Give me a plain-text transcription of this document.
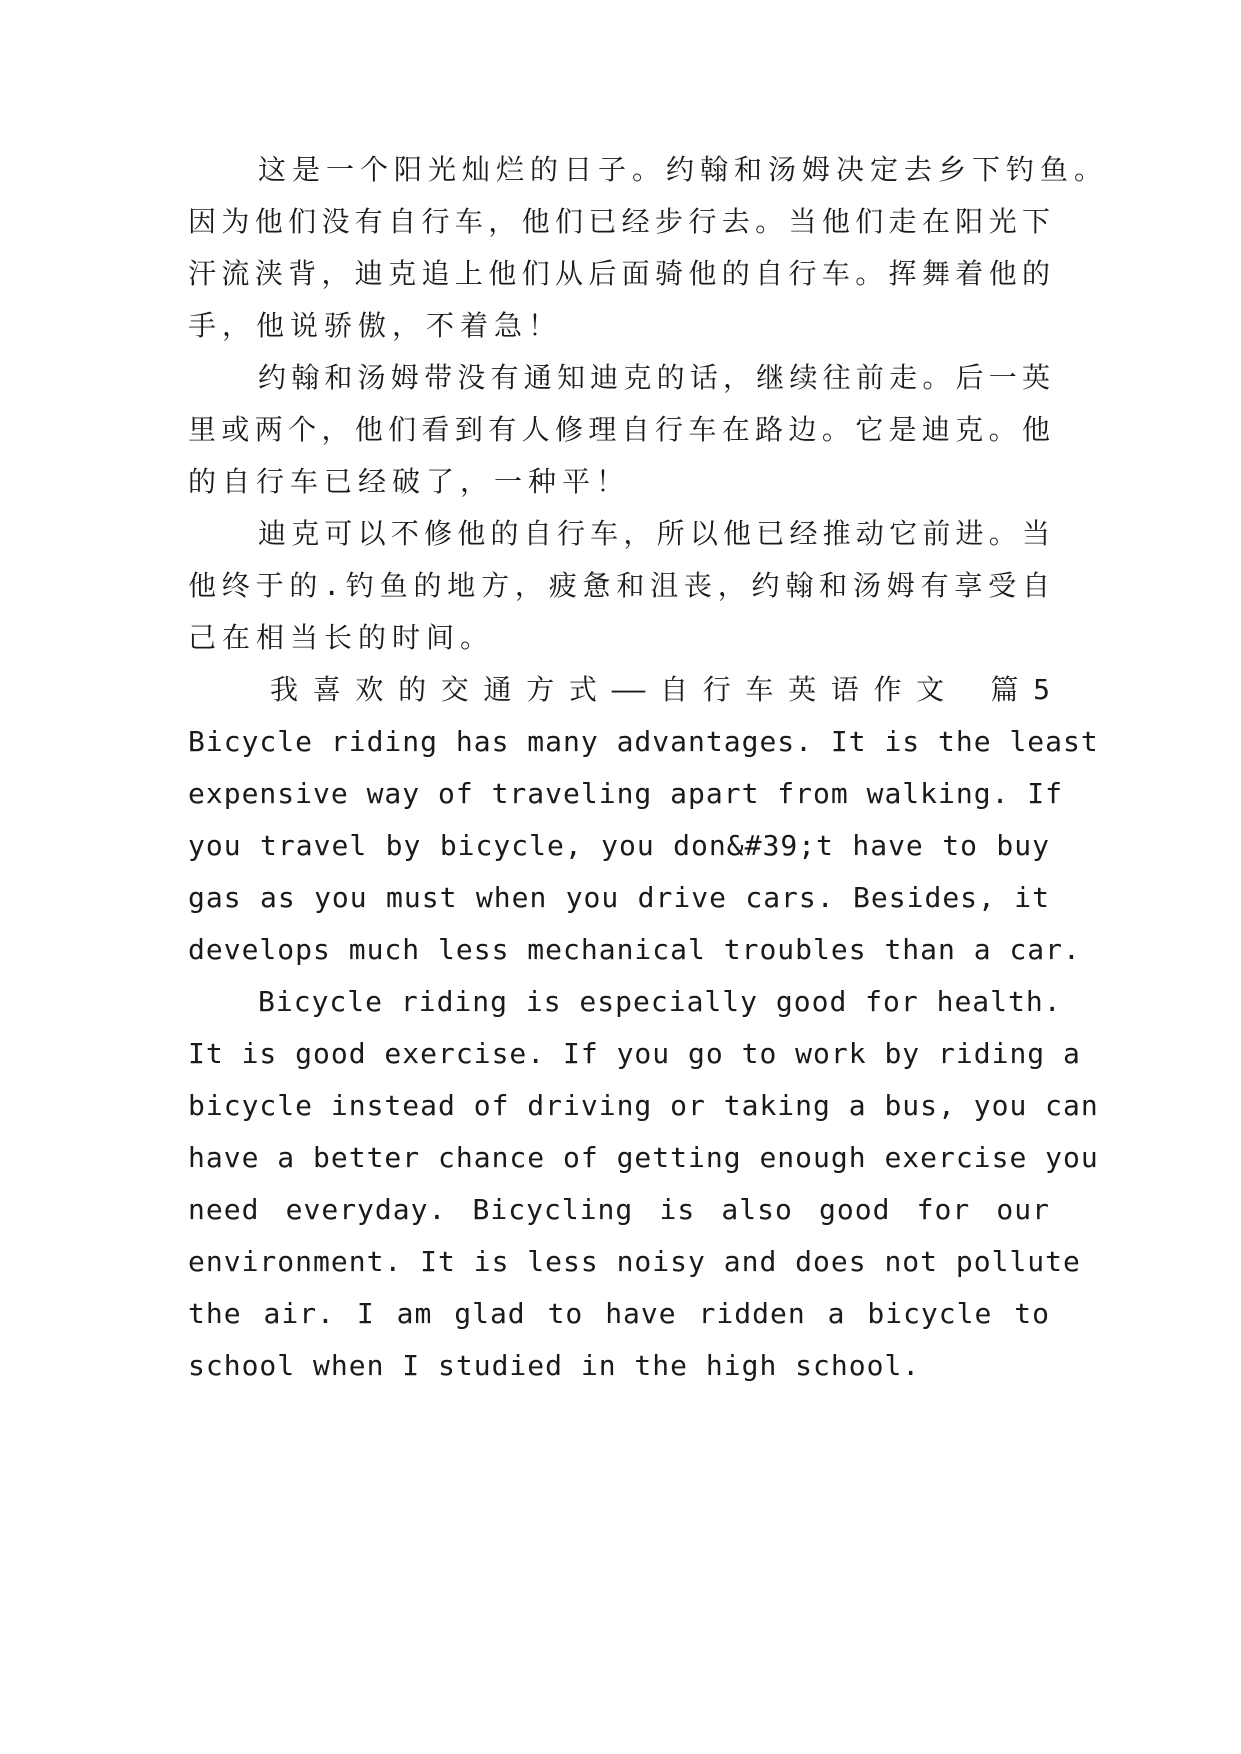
这是一个阳光灿烂的日子。约翰和汤姆决定去乡下钓鱼。
因为他们没有自行车，他们已经步行去。当他们走在阳光下
汗流浃背，迪克追上他们从后面骑他的自行车。挥舞着他的
手，他说骄傲，不着急！
约翰和汤姆带没有通知迪克的话，继续往前走。后一英
里或两个，他们看到有人修理自行车在路边。它是迪克。他
的自行车已经破了，一种平！
迪克可以不修他的自行车，所以他已经推动它前进。当
他终于的.钓鱼的地方，疲惫和沮丧，约翰和汤姆有享受自
己在相当长的时间。
我喜欢的交通方式——自行车英语作文 篇5
Bicycle riding has many advantages. It is the least
expensive way of traveling apart from walking. If
you travel by bicycle, you don&#39;t have to buy
gas as you must when you drive cars. Besides, it
develops much less mechanical troubles than a car.
Bicycle riding is especially good for health.
It is good exercise. If you go to work by riding a
bicycle instead of driving or taking a bus, you can
have a better chance of getting enough exercise you
need everyday. Bicycling is also good for our
environment. It is less noisy and does not pollute
the air. I am glad to have ridden a bicycle to
school when I studied in the high school.
